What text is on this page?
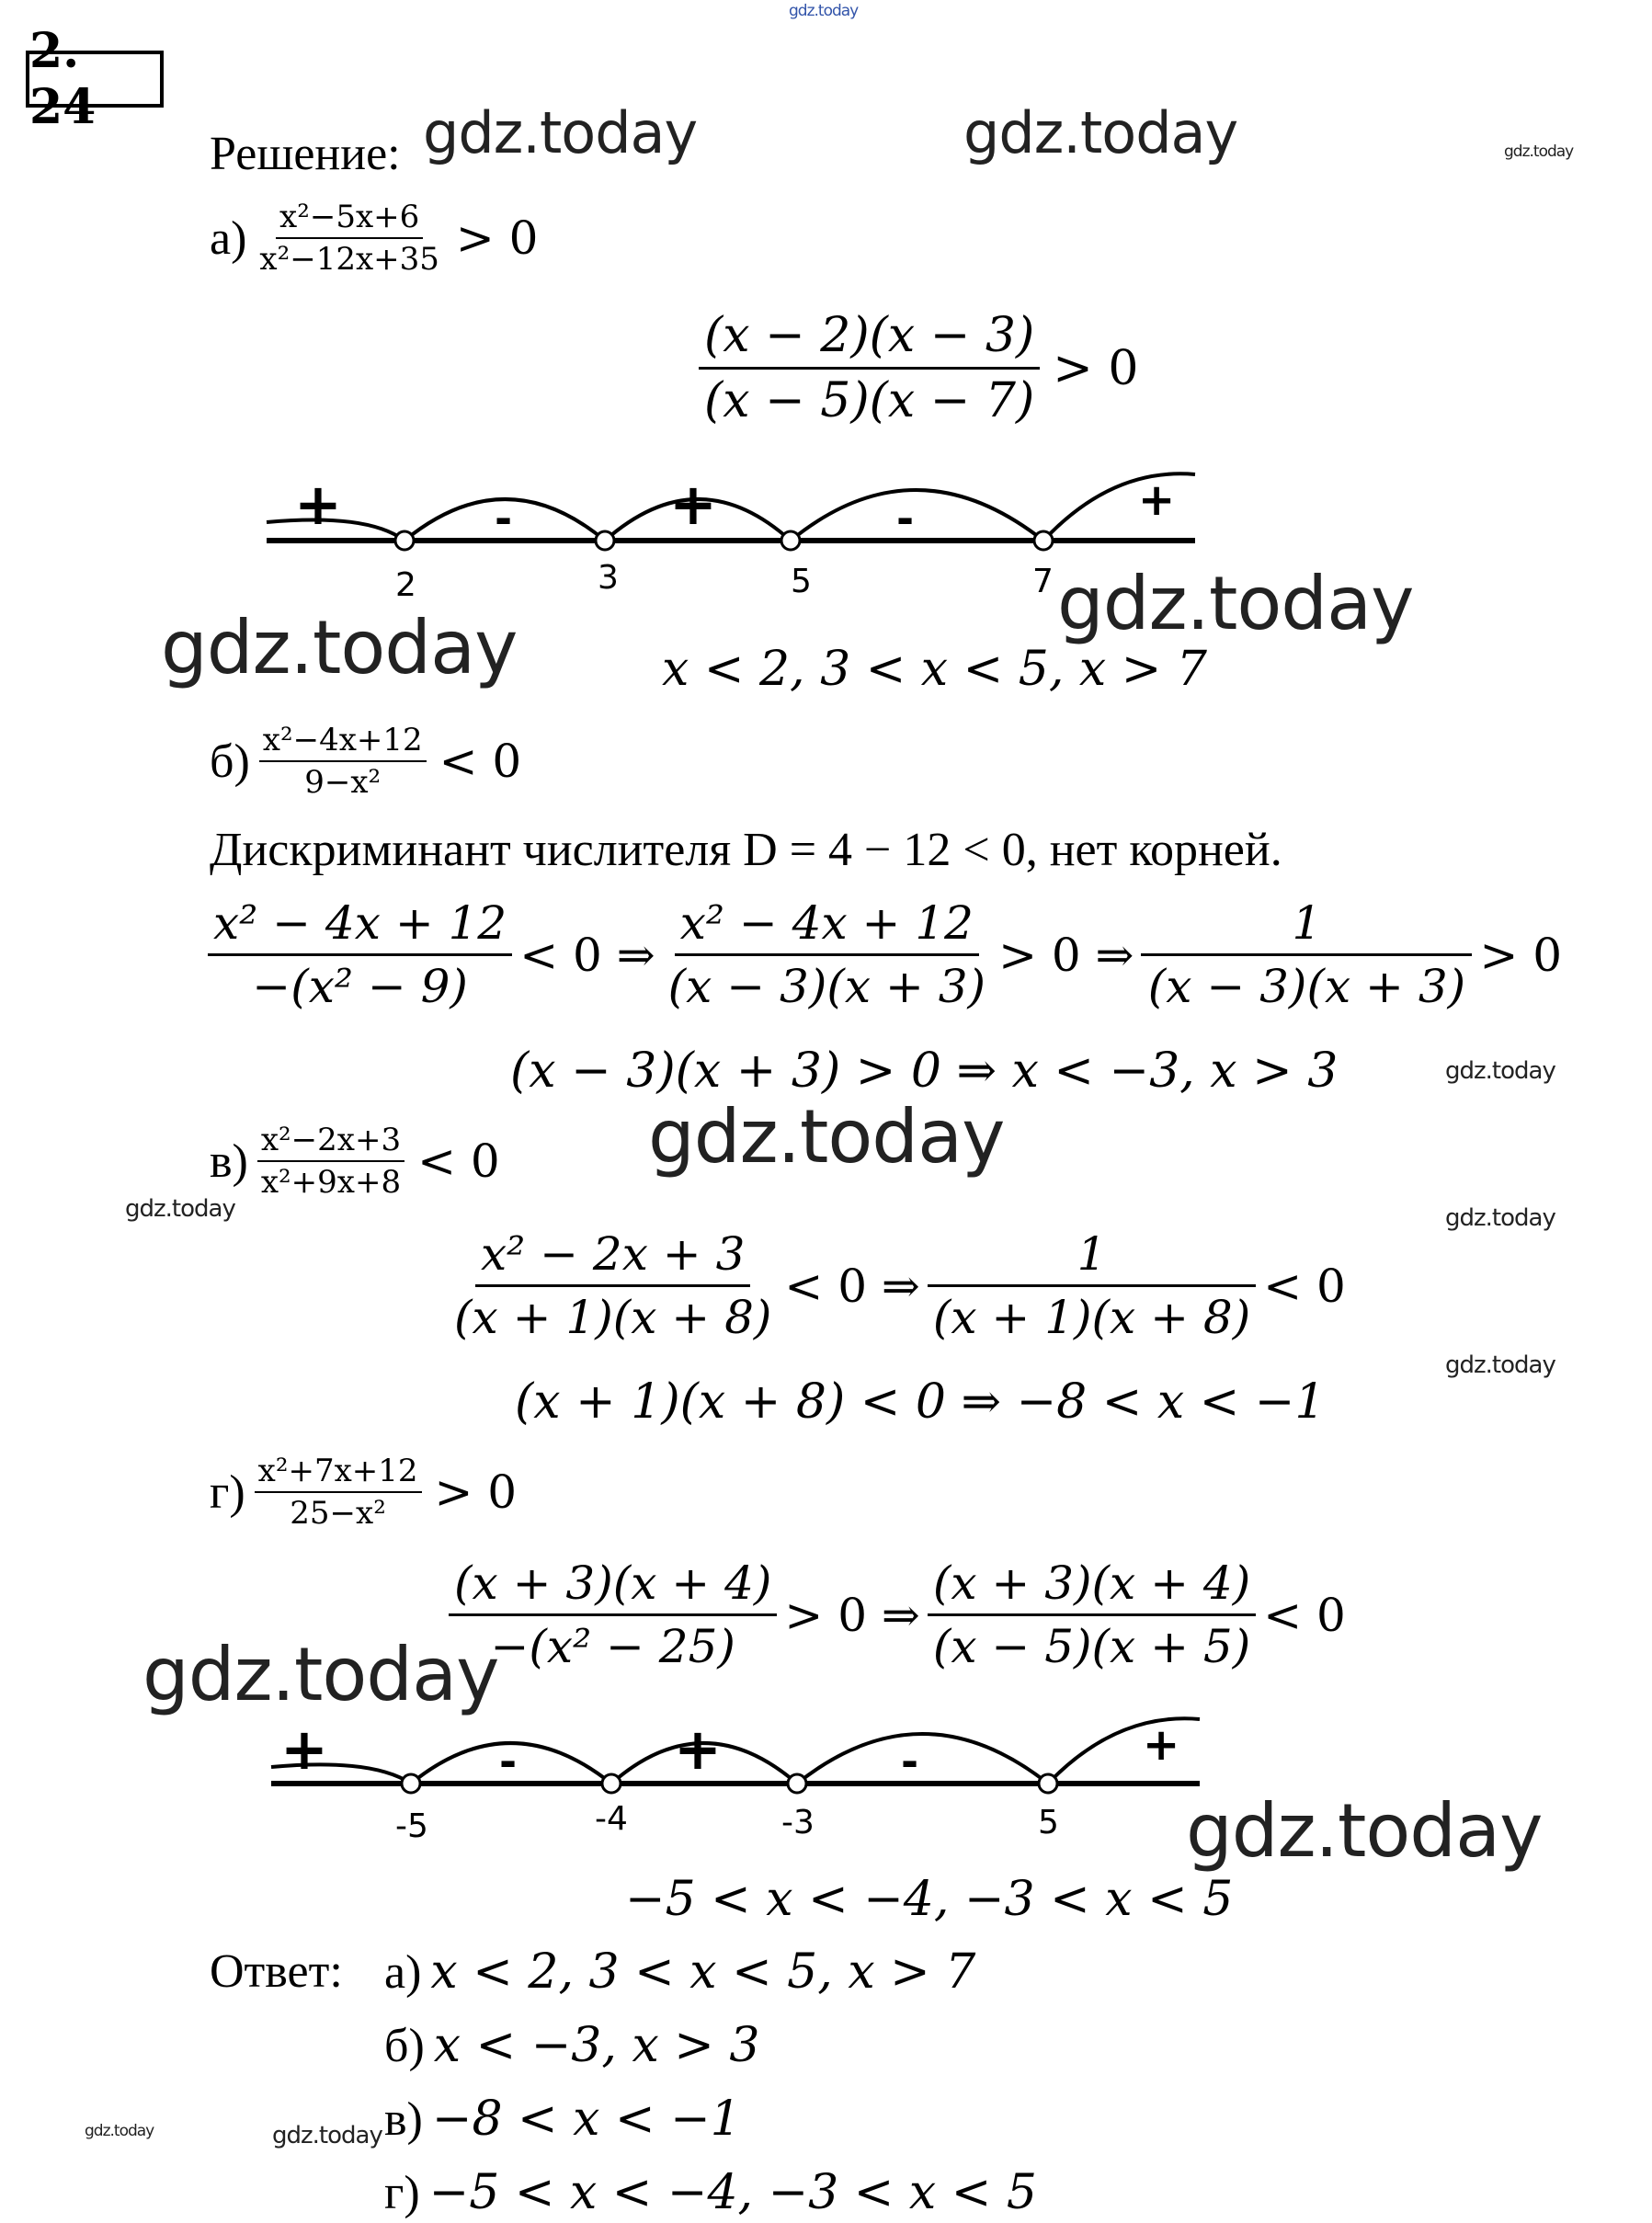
gdz.today
gdz.today	gdz.today	gdz.today
gdz.today
gdz.today
gdz.today
gdz.today
gdz.today	gdz.today
gdz.today
gdz.today
gdz.today
gdz.today	gdz.today
2. 24
Решение:
$а) \frac{\text{x²−5x+6}}{\text{x²−12x+35}} > 0$
$\frac{(x - 2)(x - 3)}{(x - 5)(x - 7)} > 0$
+	-	+	-	+
2	3	5	7
x < 2, 3 < x < 5, x > 7
$б) \frac{\text{x²−4x+12}}{\text{9−x²}} < 0$
Дискриминант числителя D = 4 − 12 < 0, нет корней.
$\frac{\text{x² − 4x + 12}}{\text{−(x² − 9)}} < 0$ ⇒ $\frac{\text{x² − 4x + 12}}{(x - 3)(x + 3)} > 0$ ⇒ $\frac{1}{(x - 3)(x + 3)} > 0$
(x − 3)(x + 3) > 0 ⇒ x < −3, x > 3
$в) \frac{\text{x²−2x+3}}{\text{x²+9x+8}} < 0$
$\frac{\text{x² − 2x + 3}}{(x + 1)(x + 8)} < 0$ ⇒ $\frac{1}{(x + 1)(x + 8)} < 0$
(x + 1)(x + 8) < 0 ⇒ −8 < x < −1
$г) \frac{\text{x²+7x+12}}{\text{25−x²}} > 0$
$\frac{(x + 3)(x + 4)}{\text{−(x² − 25)}} > 0$ ⇒ $\frac{(x + 3)(x + 4)}{(x - 5)(x + 5)} < 0$
+	-	+	-	+
-5	-4	-3	5
−5 < x < −4, −3 < x < 5
Ответ: а) x < 2, 3 < x < 5, x > 7
б) x < −3, x > 3
в) −8 < x < −1
г) −5 < x < −4, −3 < x < 5
